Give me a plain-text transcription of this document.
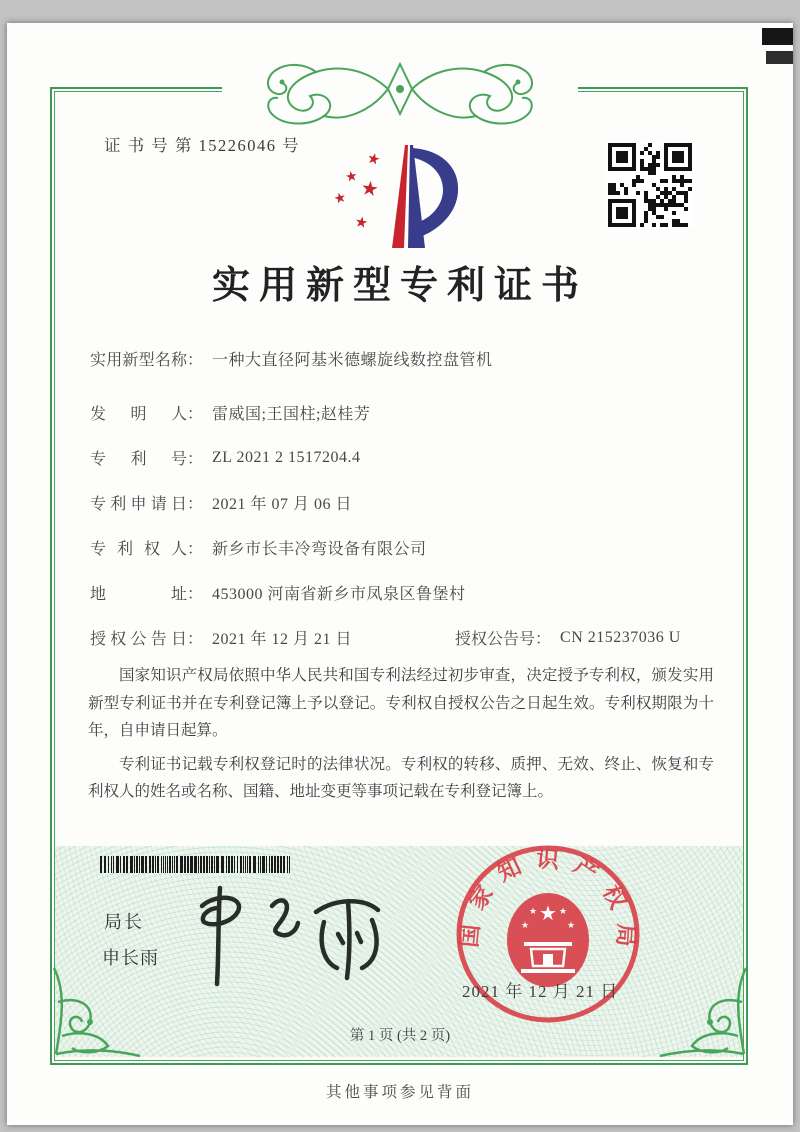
证 书 号 第 15226046 号
★
★ ★
★
★
实用新型专利证书
实用新型名称 ： 一种大直径阿基米德螺旋线数控盘管机
发明人 ： 雷威国;王国柱;赵桂芳
专利号 ： ZL 2021 2 1517204.4
专利申请日 ： 2021 年 07 月 06 日
专利权人 ： 新乡市长丰冷弯设备有限公司
地址 ： 453000 河南省新乡市凤泉区鲁堡村
授权公告日 ： 2021 年 12 月 21 日	授权公告号 ： CN 215237036 U

国家知识产权局依照中华人民共和国专利法经过初步审查，决定授予专利权，颁发实用新型专利证书并在专利登记簿上予以登记。专利权自授权公告之日起生效。专利权期限为十年，自申请日起算。

专利证书记载专利权登记时的法律状况。专利权的转移、质押、无效、终止、恢复和专利权人的姓名或名称、国籍、地址变更等事项记载在专利登记簿上。

局长
申长雨
国家知识产权局
★
★ ★
★	★
2021 年 12 月 21 日
第 1 页 (共 2 页)
其他事项参见背面
